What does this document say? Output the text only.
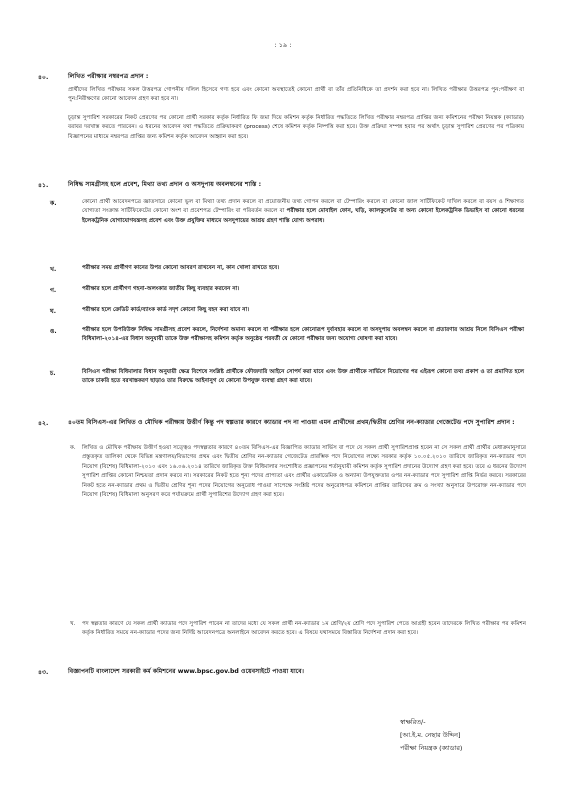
: ১৯ :
৪০.	লিখিত পরীক্ষার নম্বরপত্র প্রদান :
প্রার্থীদের লিখিত পরীক্ষার সকল উত্তরপত্র গোপনীয় দলিল হিসেবে গণ্য হবে এবং কোনো অবস্থাতেই কোনো প্রার্থী বা তাঁর প্রতিনিধিকে তা প্রদর্শন করা হবে না। লিখিত পরীক্ষার উত্তরপত্র পুন:পরীক্ষণ বা পুন:নিরীক্ষণের কোনো আবেদন গ্রহণ করা হবে না।
চূড়ান্ত সুপারিশ সরকারের নিকট প্রেরণের পর কোনো প্রার্থী সরকার কর্তৃক নির্ধারিত ফি জমা দিয়ে কমিশন কর্তৃক নির্ধারিত পদ্ধতিতে লিখিত পরীক্ষার নম্বরপত্র প্রাপ্তির জন্য কমিশনের পরীক্ষা নিয়ন্ত্রক (ক্যাডার) বরাবর দরখাস্ত করতে পারবেন। এ ধরনের আবেদন যথা পদ্ধতিতে প্রক্রিয়াকরণ (process) শেষে কমিশন কর্তৃক নিষ্পত্তি করা হবে। উক্ত প্রক্রিয়া সম্পন্ন হবার পর অর্থাৎ চূড়ান্ত সুপারিশ প্রেরণের পর পত্রিকায় বিজ্ঞাপনের মাধ্যমে নম্বরপত্র প্রাপ্তির জন্য কমিশন কর্তৃক আবেদন আহ্বান করা হবে।
৪১.	নিষিদ্ধ সামগ্রীসহ হলে প্রবেশ, মিথ্যা তথ্য প্রদান ও অসদুপায় অবলম্বনের শাস্তি :
ক.	কোনো প্রার্থী আবেদনপত্রে জ্ঞাতসারে কোনো ভুল বা মিথ্যা তথ্য প্রদান করলে বা প্রয়োজনীয় তথ্য গোপন করলে বা টেম্পারিং করলে বা কোনো জাল সার্টিফিকেট দাখিল করলে বা বয়স ও শিক্ষাগত যোগ্যতা সংক্রান্ত সার্টিফিকেটের কোনো অংশ বা প্রবেশপত্র টেম্পারিং বা পরিবর্তন করলে বা পরীক্ষার হলে মোবাইল ফোন, ঘড়ি, ক্যালকুলেটর বা অন্য কোনো ইলেকট্রনিক ডিভাইস বা কোনো ধরনের ইলেকট্রনিক যোগাযোগযন্ত্রসহ প্রবেশ এবং উক্ত প্রযুক্তির মাধ্যমে অসদুপায়ের আশ্রয় গ্রহণ শাস্তি যোগ্য অপরাধ।
খ.	পরীক্ষার সময় প্রার্থীগণ কানের উপর কোনো আবরণ রাখবেন না, কান খোলা রাখতে হবে।
গ.	পরীক্ষার হলে প্রার্থীগণ গহনা-অলংকার জাতীয় কিছু ব্যবহার করবেন না।
ঘ.	পরীক্ষার হলে ক্রেডিট কার্ড/ব্যাংক কার্ড সদৃশ কোনো কিছু বহন করা যাবে না।
ঙ.	পরীক্ষার হলে উপরিউক্ত নিষিদ্ধ সামগ্রীসহ প্রবেশ করলে, নির্দেশনা অমান্য করলে বা পরীক্ষার হলে কোনোরূপ দুর্ব্যবহার করলে বা অসদুপায় অবলম্বন করলে বা প্রতারণার আশ্রয় নিলে বিসিএস পরীক্ষা বিধিমালা-২০১৪-এর বিধান অনুযায়ী তাকে উক্ত পরীক্ষাসহ কমিশন কর্তৃক অনুষ্ঠেয় পরবর্তী যে কোনো পরীক্ষার জন্য অযোগ্য ঘোষণা করা যাবে।
চ.	বিসিএস পরীক্ষা বিধিমালার বিধান অনুযায়ী ক্ষেত্র বিশেষে সংশ্লিষ্ট প্রার্থীকে ফৌজদারি আইনে সোপর্দ করা যাবে এবং উক্ত প্রার্থীকে সার্ভিসে নিয়োগের পর এইরূপ কোনো তথ্য প্রকাশ ও তা প্রমাণিত হলে তাকে চাকরি হতে বরখাস্তকরণ ছাড়াও তার বিরুদ্ধে আইনানুগ যে কোনো উপযুক্ত ব্যবস্থা গ্রহণ করা যাবে।
৪২.	৪০তম বিসিএস-এর লিখিত ও মৌখিক পরীক্ষায় উত্তীর্ণ কিন্তু পদ স্বল্পতার কারণে ক্যাডার পদ না পাওয়া এমন প্রার্থীদের প্রথম/দ্বিতীয় শ্রেণির নন-ক্যাডার গেজেটেড পদে সুপারিশ প্রদান :
ক. লিখিত ও মৌখিক পরীক্ষায় উত্তীর্ণ হওয়া সত্ত্বেও পদস্বল্পতার কারণে ৪০তম বিসিএস-এর বিজ্ঞাপিত ক্যাডার সার্ভিস বা পদে যে সকল প্রার্থী সুপারিশপ্রাপ্ত হবেন না সে সকল প্রার্থী প্রার্থীর মেধাক্রমানুসারে প্রস্তুতকৃত তালিকা থেকে বিভিন্ন মন্ত্রণালয়/বিভাগের প্রথম এবং দ্বিতীয় শ্রেণির নন-ক্যাডার গেজেটেড প্রারম্ভিক পদে নিয়োগের লক্ষ্যে সরকার কর্তৃক ১০.০৫.২০১০ তারিখে জারিকৃত নন-ক্যাডার পদে নিয়োগ (বিশেষ) বিধিমালা-২০১০ এবং ১৬.০৬.২০১৪ তারিখে জারিকৃত উক্ত বিধিমালার সংশোধিত প্রজ্ঞাপনের শর্তানুযায়ী কমিশন কর্তৃক সুপারিশ প্রদানের উদ্যোগ গ্রহণ করা হবে। তবে এ ধরনের উদ্যোগ সুপারিশ প্রাপ্তির কোনো নিশ্চয়তা প্রদান করবে না। সরকারের নিকট হতে শূন্য পদের প্রাপ্যতা এবং প্রার্থীর একাডেমিক ও অন্যান্য উপযুক্ততার ওপর নন-ক্যাডার পদে সুপারিশ প্রাপ্তি নির্ভর করবে। সরকারের নিকট হতে নন-ক্যাডার প্রথম ও দ্বিতীয় শ্রেণির শূন্য পদের নিয়োগের অনুরোধ পাওয়া সাপেক্ষে সংশ্লিষ্ট পদের অনুরোধপত্র কমিশনে প্রাপ্তির তারিখের ক্রম ও সংখ্যা অনুসারে উপরোক্ত নন-ক্যাডার পদে নিয়োগ (বিশেষ) বিধিমালা অনুসরণ করে পর্যায়ক্রমে প্রার্থী সুপারিশের উদ্যোগ গ্রহণ করা হবে।
খ. পদ স্বল্পতার কারণে যে সকল প্রার্থী ক্যাডার পদে সুপারিশ পাবেন না তাদের মধ্যে যে সকল প্রার্থী নন-ক্যাডার ১ম শ্রেণি/২য় শ্রেণি পদে সুপারিশ পেতে আগ্রহী হবেন তাদেরকে লিখিত পরীক্ষার পর কমিশন কর্তৃক নির্ধারিত সময়ে নন-ক্যাডার পদের জন্য নির্দিষ্ট আবেদনপত্রে অনলাইনে আবেদন করতে হবে। এ বিষয়ে যথাসময়ে বিস্তারিত নির্দেশনা প্রদান করা হবে।
৪৩.	বিজ্ঞাপনটি বাংলাদেশ সরকারী কর্ম কমিশনের www.bpsc.gov.bd ওয়েবসাইটে পাওয়া যাবে।
স্বাক্ষরিত/-
[আ.ই.ম. নেছার উদ্দিন]
পরীক্ষা নিয়ন্ত্রক (ক্যাডার)
